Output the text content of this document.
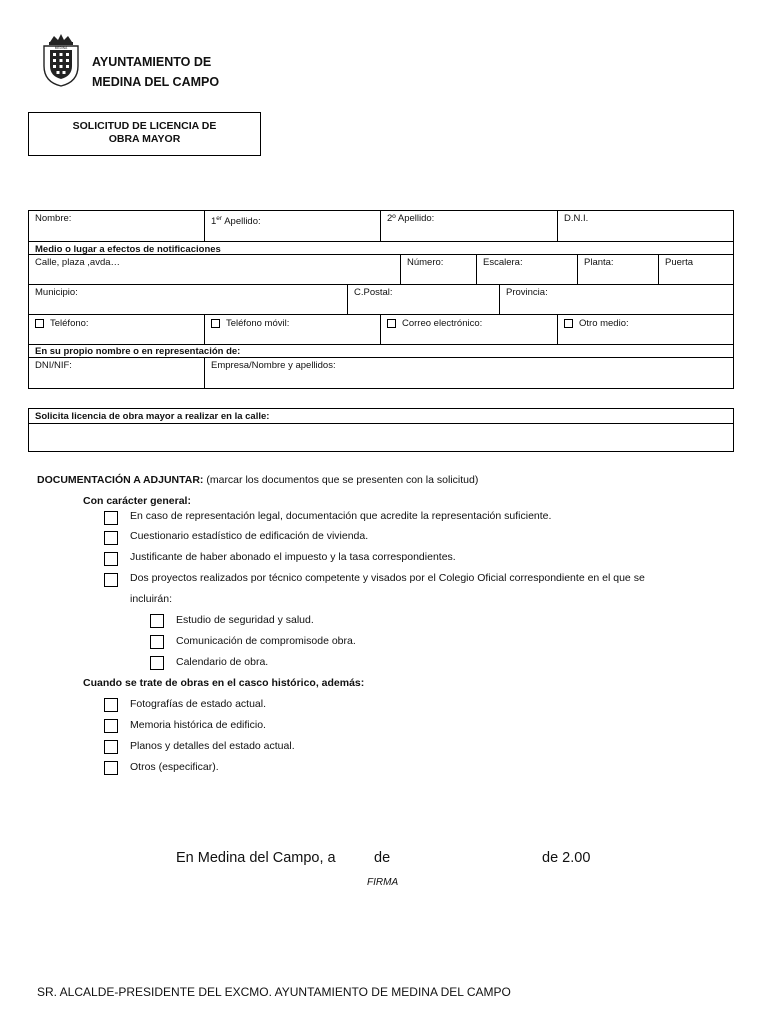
MEDINA
AYUNTAMIENTO DE
MEDINA DEL CAMPO
SOLICITUD DE LICENCIA DE
OBRA MAYOR
Nombre:	1er Apellido:	2º Apellido:	D.N.I.
Medio o lugar a efectos de notificaciones
Calle, plaza ,avda…	Número:	Escalera:	Planta:	Puerta
Municipio:	C.Postal:	Provincia:
Teléfono:	Teléfono móvil:	Correo electrónico:	Otro medio:
En su propio nombre o en representación de:
DNI/NIF:	Empresa/Nombre y apellidos:
Solicita licencia de obra mayor a realizar en la calle:
DOCUMENTACIÓN A ADJUNTAR: (marcar los documentos que se presenten con la solicitud)
Con carácter general:
En caso de representación legal, documentación que acredite la representación suficiente.
Cuestionario estadístico de edificación de vivienda.
Justificante de haber abonado el impuesto y la tasa correspondientes.
Dos proyectos realizados por técnico competente y visados por el Colegio Oficial correspondiente en el que se
incluirán:
Estudio de seguridad y salud.
Comunicación de compromisode obra.
Calendario de obra.
Cuando se trate de obras en el casco histórico, además:
Fotografías de estado actual.
Memoria histórica de edificio.
Planos y detalles del estado actual.
Otros (especificar).
En Medina del Campo, a	de	de 2.00
FIRMA
SR. ALCALDE-PRESIDENTE DEL EXCMO. AYUNTAMIENTO DE MEDINA DEL CAMPO
